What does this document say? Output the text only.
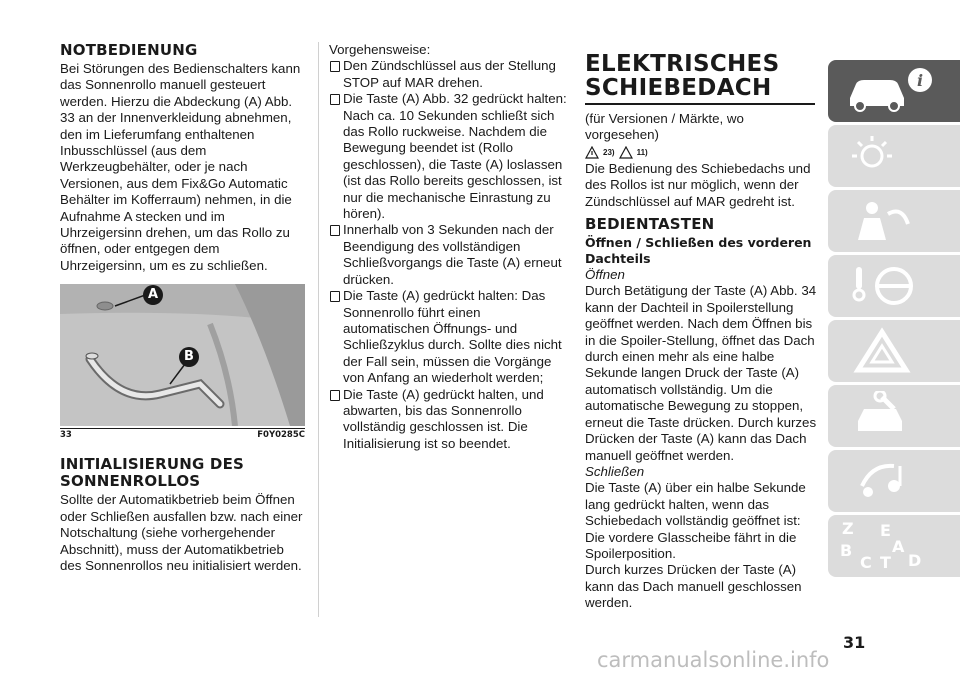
NOTBEDIENUNG

Bei Störungen des Bedienschalters kann das Sonnenrollo manuell gesteuert werden. Hierzu die Abdeckung (A) Abb. 33 an der Innenverkleidung abnehmen, den im Lieferumfang enthaltenen Inbusschlüssel (aus dem Werkzeugbehälter, oder je nach Versionen, aus dem Fix&Go Automatic Behälter im Kofferraum) nehmen, in die Aufnahme A stecken und im Uhrzeigersinn drehen, um das Rollo zu öffnen, oder entgegen dem Uhrzeigersinn, um es zu schließen.

A
B
33	F0Y0285C
INITIALISIERUNG DES
SONNENROLLOS

Sollte der Automatikbetrieb beim Öffnen oder Schließen ausfallen bzw. nach einer Notschaltung (siehe vorhergehender Abschnitt), muss der Automatikbetrieb des Sonnenrollos neu initialisiert werden.

Vorgehensweise:

Den Zündschlüssel aus der Stellung STOP auf MAR drehen.

Die Taste (A) Abb. 32 gedrückt halten: Nach ca. 10 Sekunden schließt sich das Rollo ruckweise. Nachdem die Bewegung beendet ist (Rollo geschlossen), die Taste (A) loslassen (ist das Rollo bereits geschlossen, ist nur die mechanische Einrastung zu hören).

Innerhalb von 3 Sekunden nach der Beendigung des vollständigen Schließvorgangs die Taste (A) erneut drücken.

Die Taste (A) gedrückt halten: Das Sonnenrollo führt einen automatischen Öffnungs- und Schließzyklus durch. Sollte dies nicht der Fall sein, müssen die Vorgänge von Anfang an wiederholt werden;

Die Taste (A) gedrückt halten, und abwarten, bis das Sonnenrollo vollständig geschlossen ist. Die Initialisierung ist so beendet.

ELEKTRISCHES
SCHIEBEDACH

(für Versionen / Märkte, wo vorgesehen)

23)	11)

Die Bedienung des Schiebedachs und des Rollos ist nur möglich, wenn der Zündschlüssel auf MAR gedreht ist.

BEDIENTASTEN

Öffnen / Schließen des vorderen Dachteils

Öffnen

Durch Betätigung der Taste (A) Abb. 34 kann der Dachteil in Spoilerstellung geöffnet werden. Nach dem Öffnen bis in die Spoiler-Stellung, öffnet das Dach durch einen mehr als eine halbe Sekunde langen Druck der Taste (A) automatisch vollständig. Um die automatische Bewegung zu stoppen, erneut die Taste drücken. Durch kurzes Drücken der Taste (A) kann das Dach manuell geöffnet werden.

Schließen

Die Taste (A) über ein halbe Sekunde lang gedrückt halten, wenn das Schiebedach vollständig geöffnet ist: Die vordere Glasscheibe fährt in die Spoilerposition.

Durch kurzes Drücken der Taste (A) kann das Dach manuell geschlossen werden.

i
Z E
B A
C T D
31
carmanualsonline.info
